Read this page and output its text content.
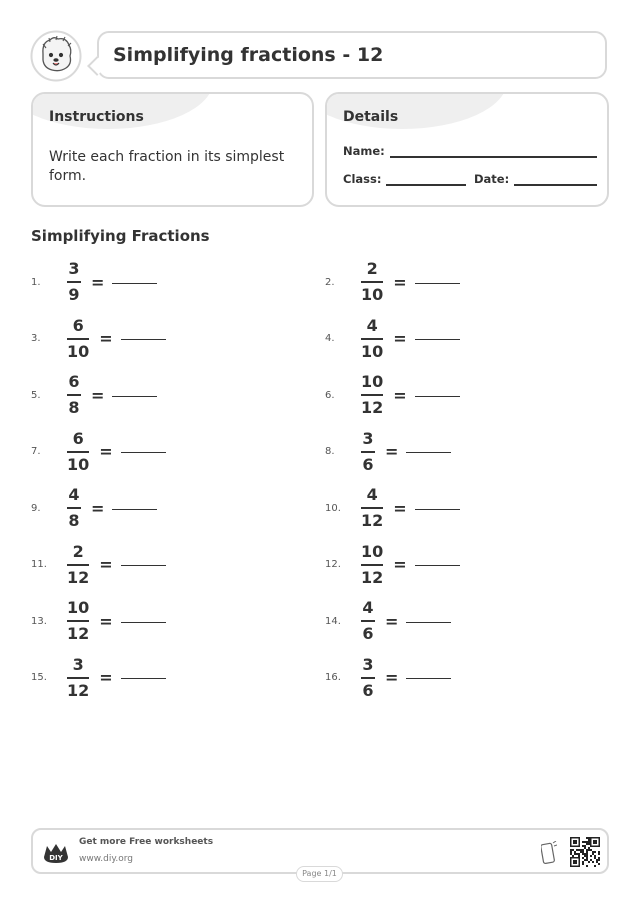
Simplifying fractions - 12
Instructions
Write each fraction in its simplest form.
Details
Name:
Class:	Date:
Simplifying Fractions
1.	$\frac{3}{9}$ =	2.	$\frac{2}{10}$ =
3.	$\frac{6}{10}$ =	4.	$\frac{4}{10}$ =
5.	$\frac{6}{8}$ =	6.	$\frac{10}{12}$ =
7.	$\frac{6}{10}$ =	8.	$\frac{3}{6}$ =
9.	$\frac{4}{8}$ =	10.	$\frac{4}{12}$ =
11.	$\frac{2}{12}$ =	12.	$\frac{10}{12}$ =
13.	$\frac{10}{12}$ =	14.	$\frac{4}{6}$ =
15.	$\frac{3}{12}$ =	16.	$\frac{3}{6}$ =
DIY
Get more Free worksheets
www.diy.org
Page 1/1
